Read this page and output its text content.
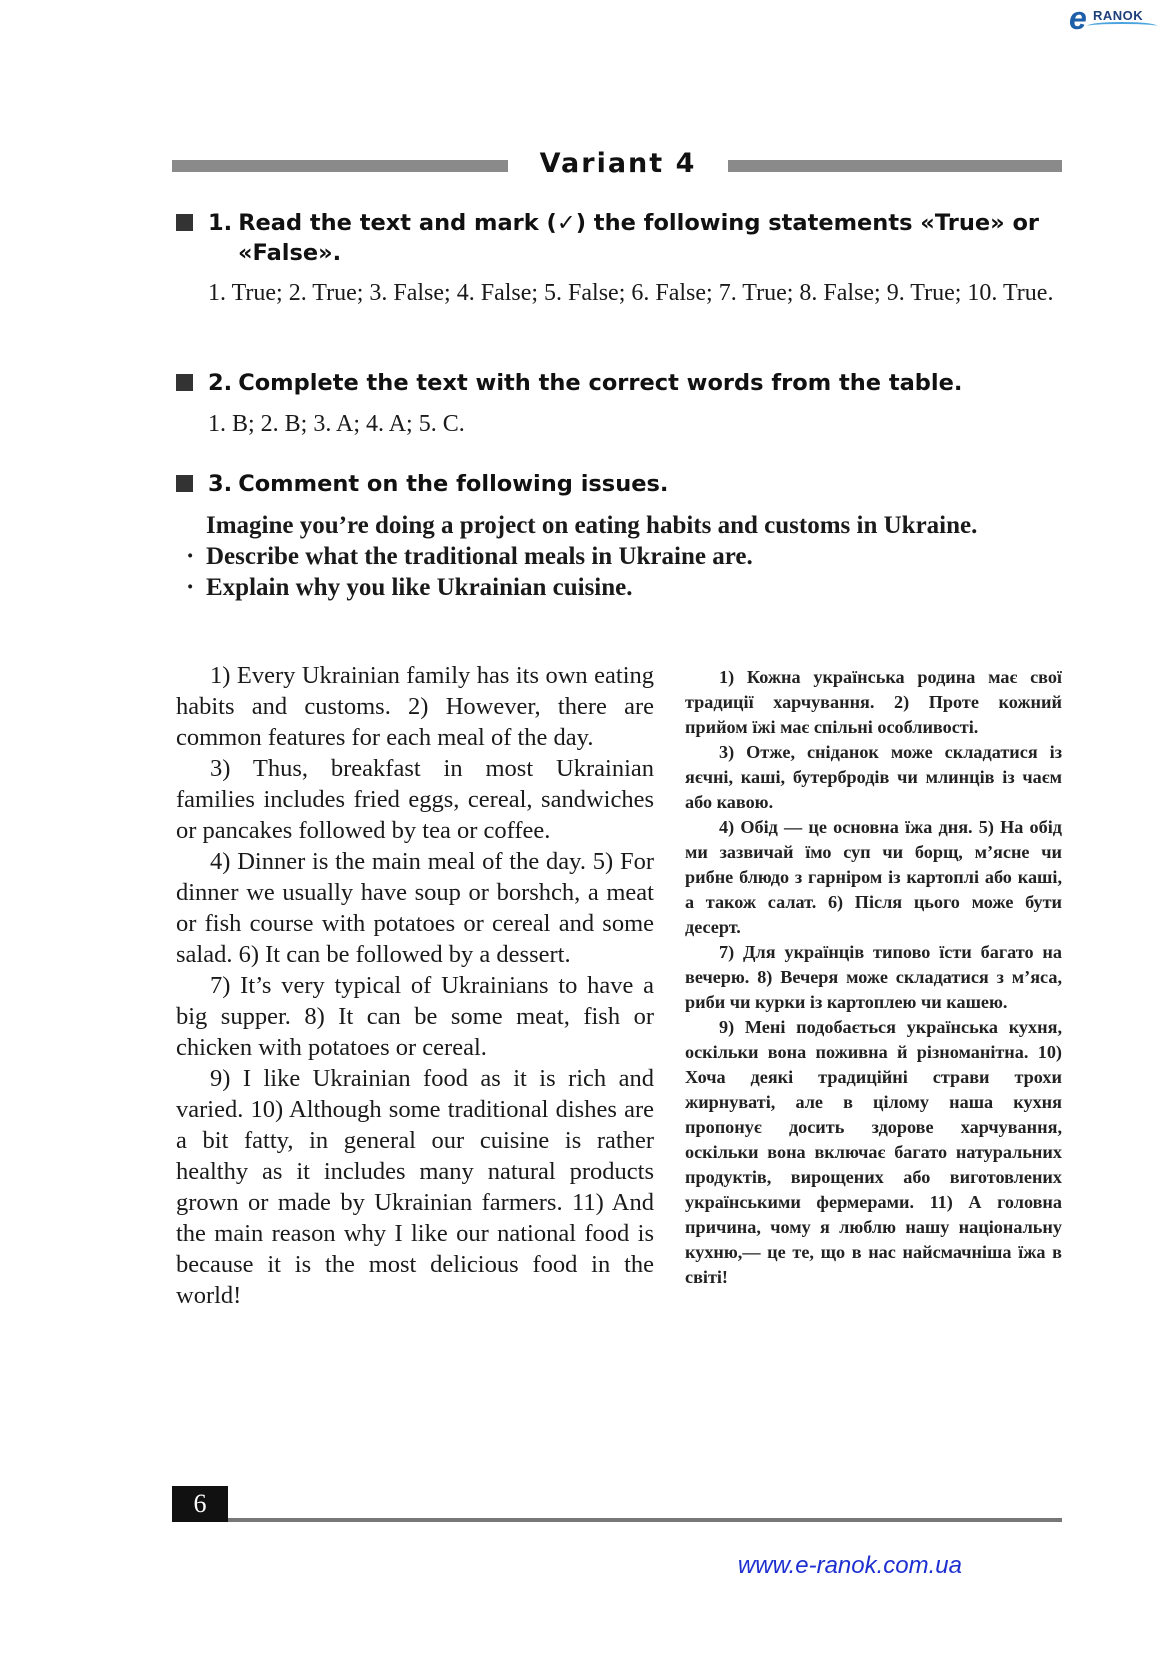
e RANOK
Variant 4
1. Read the text and mark (✓) the following statements «True» or
«False».
1. True; 2. True; 3. False; 4. False; 5. False; 6. False; 7. True; 8. False; 9. True; 10. True.
2. Complete the text with the correct words from the table.
1. B; 2. B; 3. A; 4. A; 5. C.
3. Comment on the following issues.
Imagine you’re doing a project on eating habits and customs in Ukraine.
· Describe what the traditional meals in Ukraine are.
· Explain why you like Ukrainian cuisine.

1) Every Ukrainian family has its own eating habits and customs. 2) However, there are common features for each meal of the day.

3) Thus, breakfast in most Ukrainian families includes fried eggs, cereal, sandwiches or pancakes followed by tea or coffee.

4) Dinner is the main meal of the day. 5) For dinner we usually have soup or borshch, a meat or fish course with potatoes or cereal and some salad. 6) It can be followed by a dessert.

7) It’s very typical of Ukrainians to have a big supper. 8) It can be some meat, fish or chicken with potatoes or cereal.

9) I like Ukrainian food as it is rich and varied. 10) Although some traditional dishes are a bit fatty, in general our cuisine is rather healthy as it includes many natural products grown or made by Ukrainian farmers. 11) And the main reason why I like our national food is because it is the most delicious food in the world!

1) Кожна українська родина має свої традиції харчування. 2) Проте кожний прийом їжі має спільні особливості.

3) Отже, сніданок може складатися із яєчні, каші, бутербродів чи млинців із чаєм або кавою.

4) Обід — це основна їжа дня. 5) На обід ми зазвичай їмо суп чи борщ, м’ясне чи рибне блюдо з гарніром із картоплі або каші, а також салат. 6) Після цього може бути десерт.

7) Для українців типово їсти багато на вечерю. 8) Вечеря може складатися з м’яса, риби чи курки із картоплею чи кашею.

9) Мені подобається українська кухня, оскільки вона поживна й різноманітна. 10) Хоча деякі традиційні страви трохи жирнуваті, але в цілому наша кухня пропонує досить здорове харчування, оскільки вона включає багато натуральних продуктів, вирощених або виготовлених українськими фермерами. 11) А головна причина, чому я люблю нашу національну кухню,— це те, що в нас найсмачніша їжа в світі!

6
www.e-ranok.com.ua
